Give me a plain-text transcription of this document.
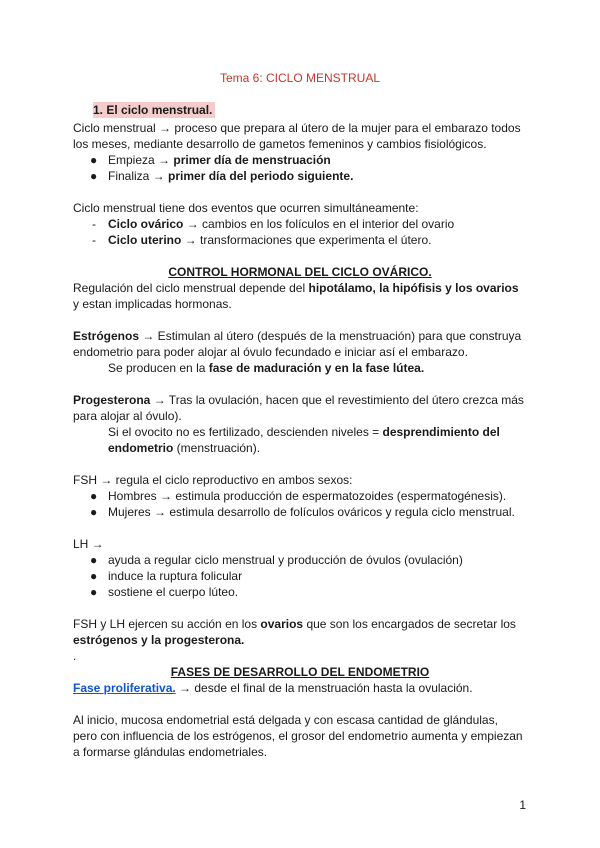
Tema 6: CICLO MENSTRUAL
1. El ciclo menstrual.
Ciclo menstrual → proceso que prepara al útero de la mujer para el embarazo todos
los meses, mediante desarrollo de gametos femeninos y cambios fisiológicos.
● Empieza → primer día de menstruación
● Finaliza → primer día del periodo siguiente.
Ciclo menstrual tiene dos eventos que ocurren simultáneamente:
- Ciclo ovárico → cambios en los folículos en el interior del ovario
- Ciclo uterino → transformaciones que experimenta el útero.
CONTROL HORMONAL DEL CICLO OVÁRICO.
Regulación del ciclo menstrual depende del hipotálamo, la hipófisis y los ovarios
y estan implicadas hormonas.
Estrógenos → Estimulan al útero (después de la menstruación) para que construya
endometrio para poder alojar al óvulo fecundado e iniciar así el embarazo.
Se producen en la fase de maduración y en la fase lútea.
Progesterona → Tras la ovulación, hacen que el revestimiento del útero crezca más
para alojar al óvulo).
Si el ovocito no es fertilizado, descienden niveles = desprendimiento del
endometrio (menstruación).
FSH → regula el ciclo reproductivo en ambos sexos:
● Hombres → estimula producción de espermatozoides (espermatogénesis).
● Mujeres → estimula desarrollo de folículos ováricos y regula ciclo menstrual.
LH →
● ayuda a regular ciclo menstrual y producción de óvulos (ovulación)
● induce la ruptura folicular
● sostiene el cuerpo lúteo.
FSH y LH ejercen su acción en los ovarios que son los encargados de secretar los
estrógenos y la progesterona.
.
FASES DE DESARROLLO DEL ENDOMETRIO
Fase proliferativa. → desde el final de la menstruación hasta la ovulación.
Al inicio, mucosa endometrial está delgada y con escasa cantidad de glándulas,
pero con influencia de los estrógenos, el grosor del endometrio aumenta y empiezan
a formarse glándulas endometriales.
1
